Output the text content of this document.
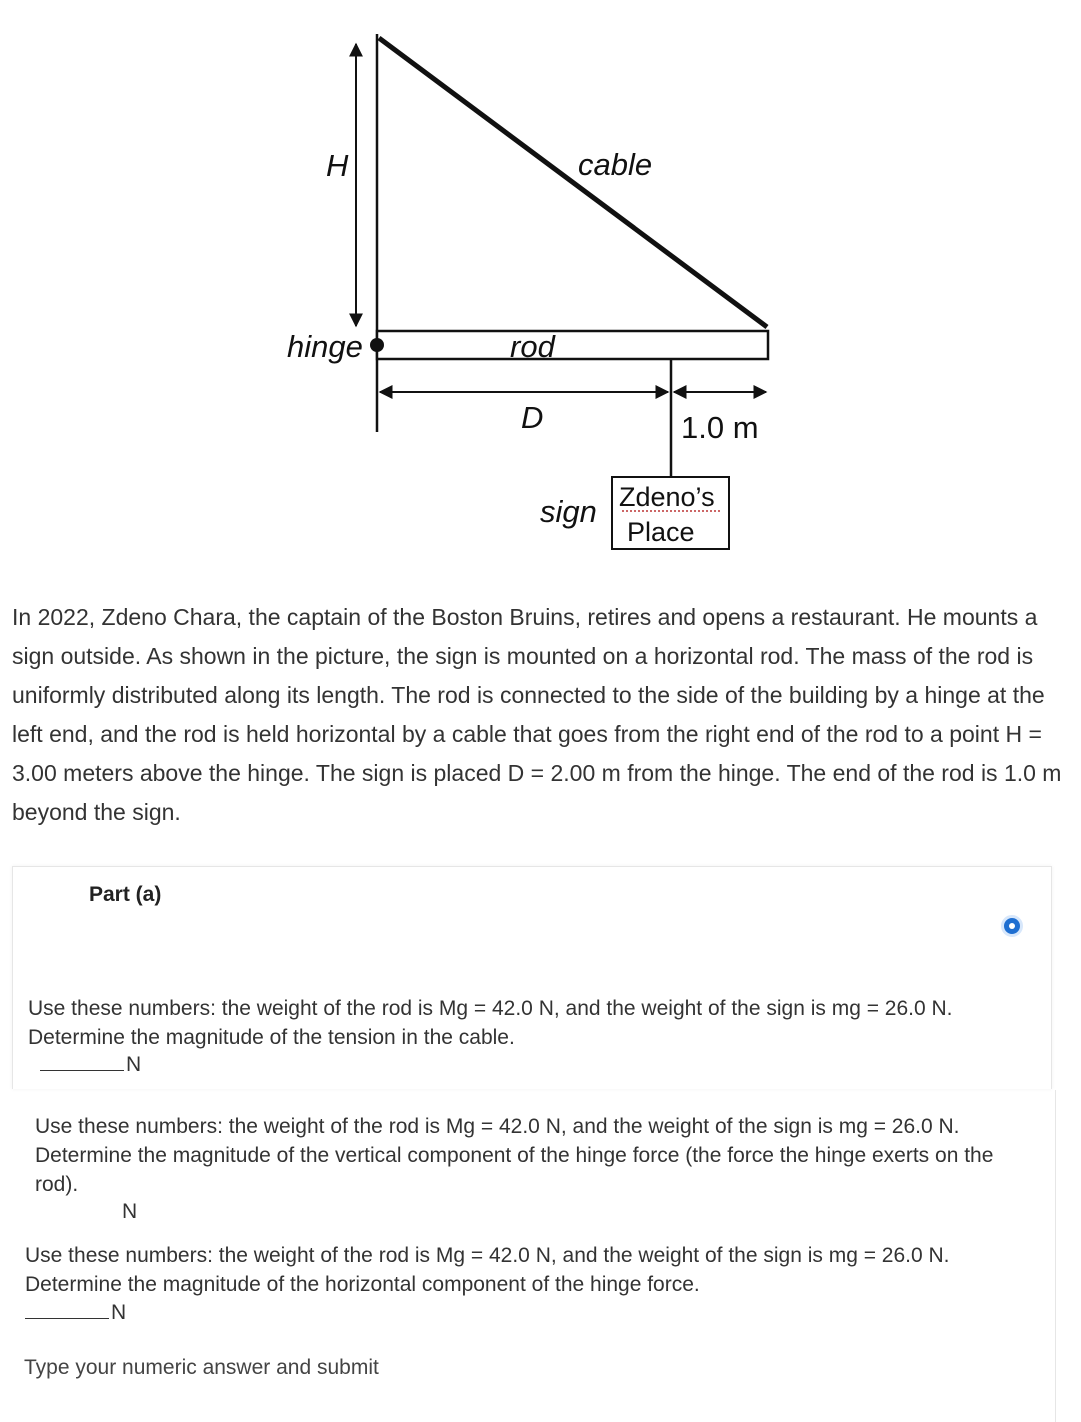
H	cable
hinge	rod
D	1.0 m
sign Zdeno’s
Place

In 2022, Zdeno Chara, the captain of the Boston Bruins, retires and opens a restaurant. He mounts a sign outside. As shown in the picture, the sign is mounted on a horizontal rod. The mass of the rod is uniformly distributed along its length. The rod is connected to the side of the building by a hinge at the left end, and the rod is held horizontal by a cable that goes from the right end of the rod to a point H = 3.00 meters above the hinge. The sign is placed D = 2.00 m from the hinge. The end of the rod is 1.0 m beyond the sign.

Part (a)

Use these numbers: the weight of the rod is Mg = 42.0 N, and the weight of the sign is mg = 26.0 N.
Determine the magnitude of the tension in the cable.

N

Use these numbers: the weight of the rod is Mg = 42.0 N, and the weight of the sign is mg = 26.0 N.
Determine the magnitude of the vertical component of the hinge force (the force the hinge exerts on the rod).

N

Use these numbers: the weight of the rod is Mg = 42.0 N, and the weight of the sign is mg = 26.0 N.
Determine the magnitude of the horizontal component of the hinge force.

N
Type your numeric answer and submit
